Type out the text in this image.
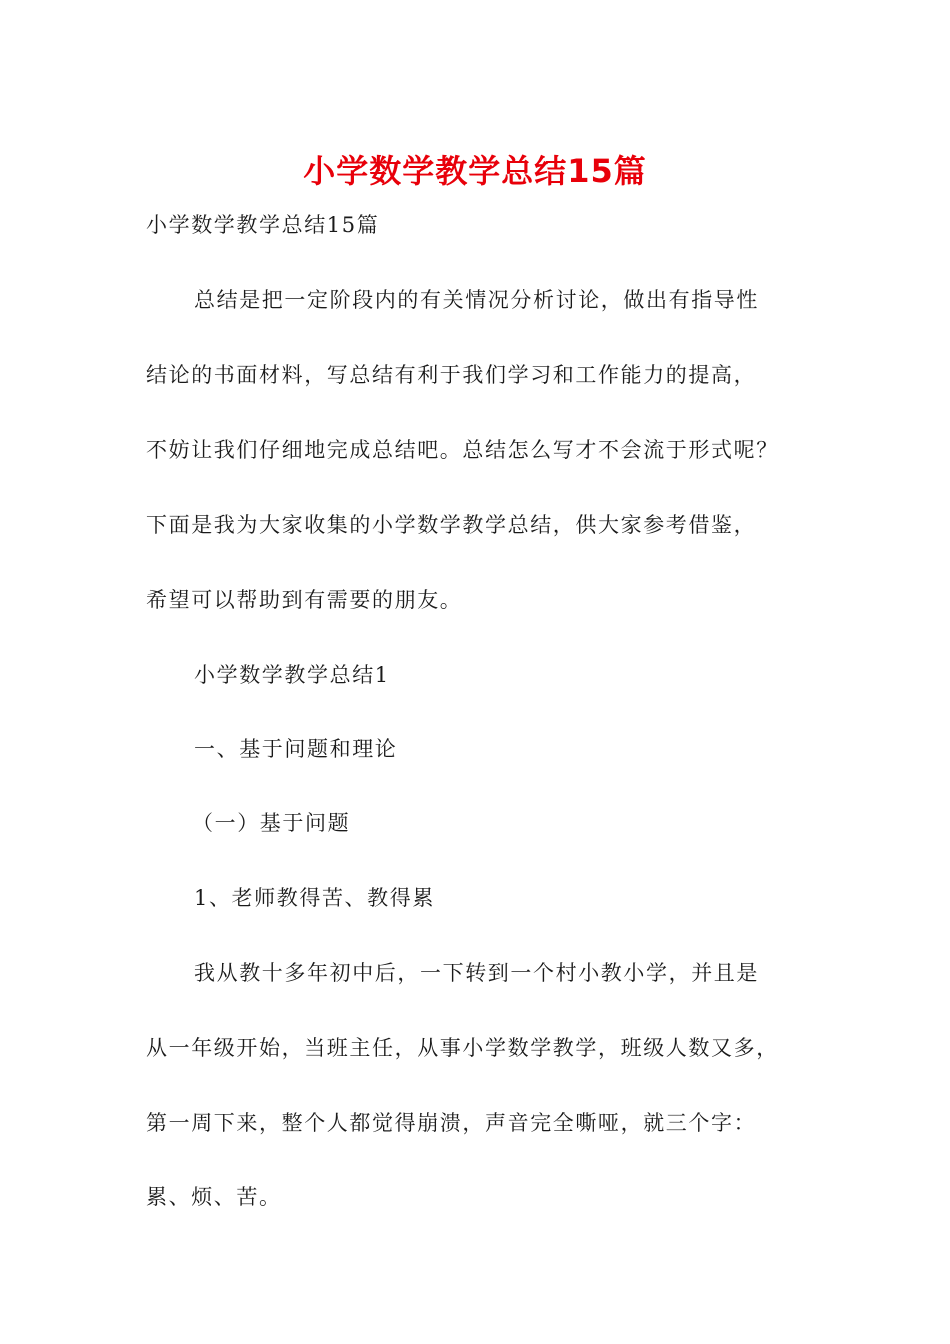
小学数学教学总结15篇
小学数学教学总结15篇
总结是把一定阶段内的有关情况分析讨论，做出有指导性
结论的书面材料，写总结有利于我们学习和工作能力的提高，
不妨让我们仔细地完成总结吧。总结怎么写才不会流于形式呢？
下面是我为大家收集的小学数学教学总结，供大家参考借鉴，
希望可以帮助到有需要的朋友。
小学数学教学总结1
一、基于问题和理论
（一）基于问题
1、老师教得苦、教得累
我从教十多年初中后，一下转到一个村小教小学，并且是
从一年级开始，当班主任，从事小学数学教学，班级人数又多，
第一周下来，整个人都觉得崩溃，声音完全嘶哑，就三个字：
累、烦、苦。
